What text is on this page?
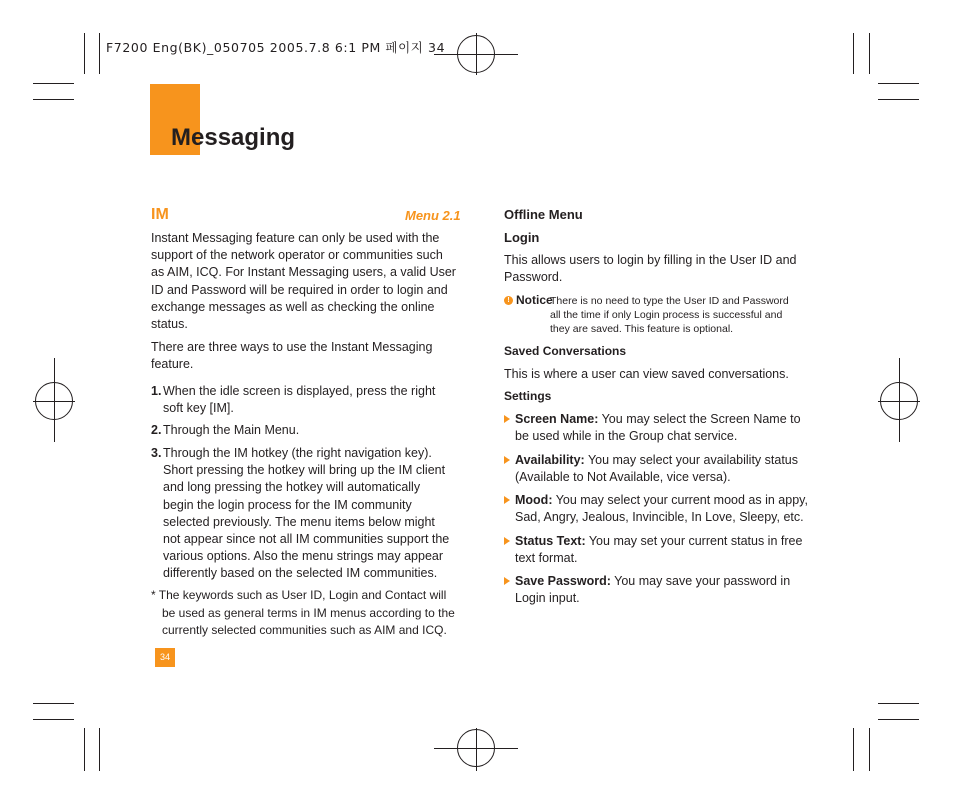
F7200 Eng(BK)_050705 2005.7.8 6:1 PM 페이지 34
Messaging
IM	Menu 2.1

Instant Messaging feature can only be used with the

support of the network operator or communities such

as AIM, ICQ. For Instant Messaging users, a valid User

ID and Password will be required in order to login and

exchange messages as well as checking the online

status.

There are three ways to use the Instant Messaging

feature.

1. When the idle screen is displayed, press the right
soft key [IM].
2. Through the Main Menu.
3. Through the IM hotkey (the right navigation key).
Short pressing the hotkey will bring up the IM client
and long pressing the hotkey will automatically
begin the login process for the IM community
selected previously. The menu items below might
not appear since not all IM communities support the
various options. Also the menu strings may appear
differently based on the selected IM communities.

* The keywords such as User ID, Login and Contact will

be used as general terms in IM menus according to the

currently selected communities such as AIM and ICQ.

34
Offline Menu
Login

This allows users to login by filling in the User ID and

Password.

! Notice
There is no need to type the User ID and Password
all the time if only Login process is successful and
they are saved. This feature is optional.
Saved Conversations

This is where a user can view saved conversations.

Settings
Screen Name: You may select the Screen Name to
be used while in the Group chat service.
Availability: You may select your availability status
(Available to Not Available, vice versa).
Mood: You may select your current mood as in appy,
Sad, Angry, Jealous, Invincible, In Love, Sleepy, etc.
Status Text: You may set your current status in free
text format.
Save Password: You may save your password in
Login input.
